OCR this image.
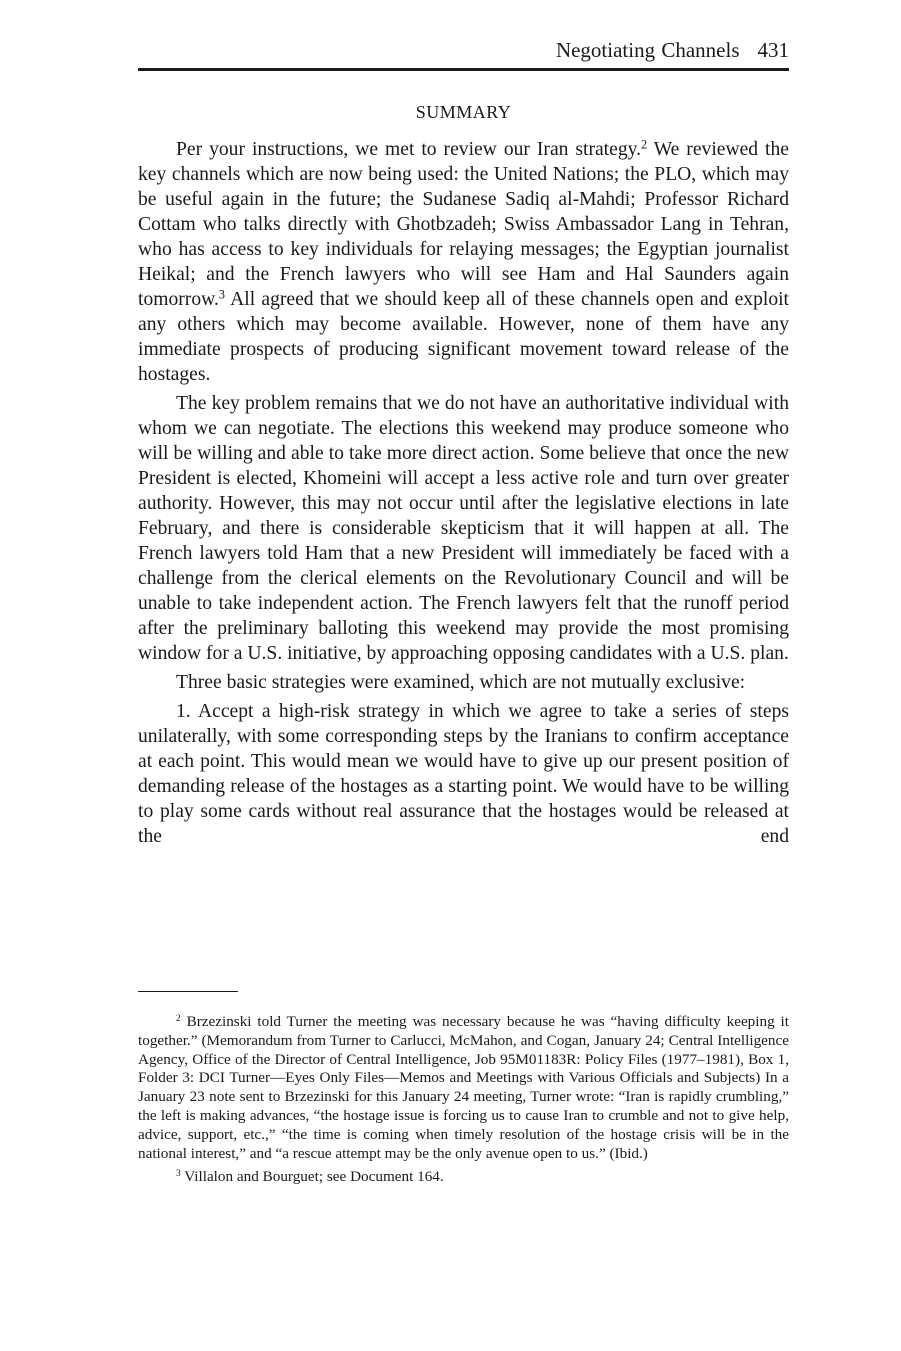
Negotiating Channels 431
SUMMARY

Per your instructions, we met to review our Iran strategy.$^2$ We reviewed the key channels which are now being used: the United Nations; the PLO, which may be useful again in the future; the Sudanese Sadiq al-Mahdi; Professor Richard Cottam who talks directly with Ghotbzadeh; Swiss Ambassador Lang in Tehran, who has access to key individuals for relaying messages; the Egyptian journalist Heikal; and the French lawyers who will see Ham and Hal Saunders again tomorrow.$^3$ All agreed that we should keep all of these channels open and exploit any others which may become available. However, none of them have any immediate prospects of producing significant movement toward release of the hostages.

The key problem remains that we do not have an authoritative individual with whom we can negotiate. The elections this weekend may produce someone who will be willing and able to take more direct action. Some believe that once the new President is elected, Khomeini will accept a less active role and turn over greater authority. However, this may not occur until after the legislative elections in late February, and there is considerable skepticism that it will happen at all. The French lawyers told Ham that a new President will immediately be faced with a challenge from the clerical elements on the Revolutionary Council and will be unable to take independent action. The French lawyers felt that the runoff period after the preliminary balloting this weekend may provide the most promising window for a U.S. initiative, by approaching opposing candidates with a U.S. plan.

Three basic strategies were examined, which are not mutually exclusive:

1. Accept a high-risk strategy in which we agree to take a series of steps unilaterally, with some corresponding steps by the Iranians to confirm acceptance at each point. This would mean we would have to give up our present position of demanding release of the hostages as a starting point. We would have to be willing to play some cards without real assurance that the hostages would be released at the end

$^2$ Brzezinski told Turner the meeting was necessary because he was “having difficulty keeping it together.” (Memorandum from Turner to Carlucci, McMahon, and Cogan, January 24; Central Intelligence Agency, Office of the Director of Central Intelligence, Job 95M01183R: Policy Files (1977–1981), Box 1, Folder 3: DCI Turner—Eyes Only Files—Memos and Meetings with Various Officials and Subjects) In a January 23 note sent to Brzezinski for this January 24 meeting, Turner wrote: “Iran is rapidly crumbling,” the left is making advances, “the hostage issue is forcing us to cause Iran to crumble and not to give help, advice, support, etc.,” “the time is coming when timely resolution of the hostage crisis will be in the national interest,” and “a rescue attempt may be the only avenue open to us.” (Ibid.)

$^3$ Villalon and Bourguet; see Document 164.
